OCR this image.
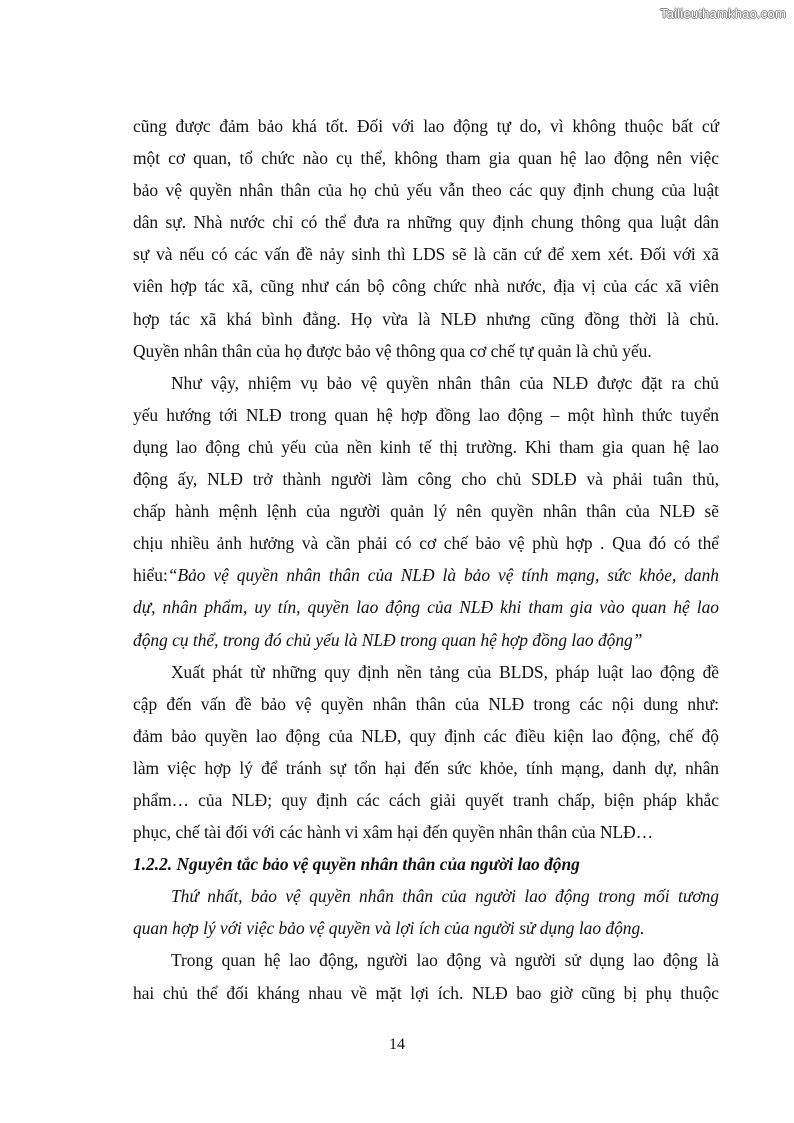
Tailieuthamkhao.com
cũng được đảm bảo khá tốt. Đối với lao động tự do, vì không thuộc bất cứ
một cơ quan, tổ chức nào cụ thể, không tham gia quan hệ lao động nên việc
bảo vệ quyền nhân thân của họ chủ yếu vẫn theo các quy định chung của luật
dân sự. Nhà nước chỉ có thể đưa ra những quy định chung thông qua luật dân
sự và nếu có các vấn đề nảy sinh thì LDS sẽ là căn cứ để xem xét. Đối với xã
viên hợp tác xã, cũng như cán bộ công chức nhà nước, địa vị của các xã viên
hợp tác xã khá bình đẳng. Họ vừa là NLĐ nhưng cũng đồng thời là chủ.
Quyền nhân thân của họ được bảo vệ thông qua cơ chế tự quản là chủ yếu.
Như vậy, nhiệm vụ bảo vệ quyền nhân thân của NLĐ được đặt ra chủ
yếu hướng tới NLĐ trong quan hệ hợp đồng lao động – một hình thức tuyển
dụng lao động chủ yếu của nền kinh tế thị trường. Khi tham gia quan hệ lao
động ấy, NLĐ trở thành người làm công cho chủ SDLĐ và phải tuân thủ,
chấp hành mệnh lệnh của người quản lý nên quyền nhân thân của NLĐ sẽ
chịu nhiều ảnh hưởng và cần phải có cơ chế bảo vệ phù hợp . Qua đó có thể
hiểu:“Bảo vệ quyền nhân thân của NLĐ là bảo vệ tính mạng, sức khỏe, danh
dự, nhân phẩm, uy tín, quyền lao động của NLĐ khi tham gia vào quan hệ lao
động cụ thể, trong đó chủ yếu là NLĐ trong quan hệ hợp đồng lao động”
Xuất phát từ những quy định nền tảng của BLDS, pháp luật lao động đề
cập đến vấn đề bảo vệ quyền nhân thân của NLĐ trong các nội dung như:
đảm bảo quyền lao động của NLĐ, quy định các điều kiện lao động, chế độ
làm việc hợp lý để tránh sự tổn hại đến sức khỏe, tính mạng, danh dự, nhân
phẩm… của NLĐ; quy định các cách giải quyết tranh chấp, biện pháp khắc
phục, chế tài đối với các hành vi xâm hại đến quyền nhân thân của NLĐ…
1.2.2. Nguyên tắc bảo vệ quyền nhân thân của người lao động
Thứ nhất, bảo vệ quyền nhân thân của người lao động trong mối tương
quan hợp lý với việc bảo vệ quyền và lợi ích của người sử dụng lao động.
Trong quan hệ lao động, người lao động và người sử dụng lao động là
hai chủ thể đối kháng nhau về mặt lợi ích. NLĐ bao giờ cũng bị phụ thuộc
14
